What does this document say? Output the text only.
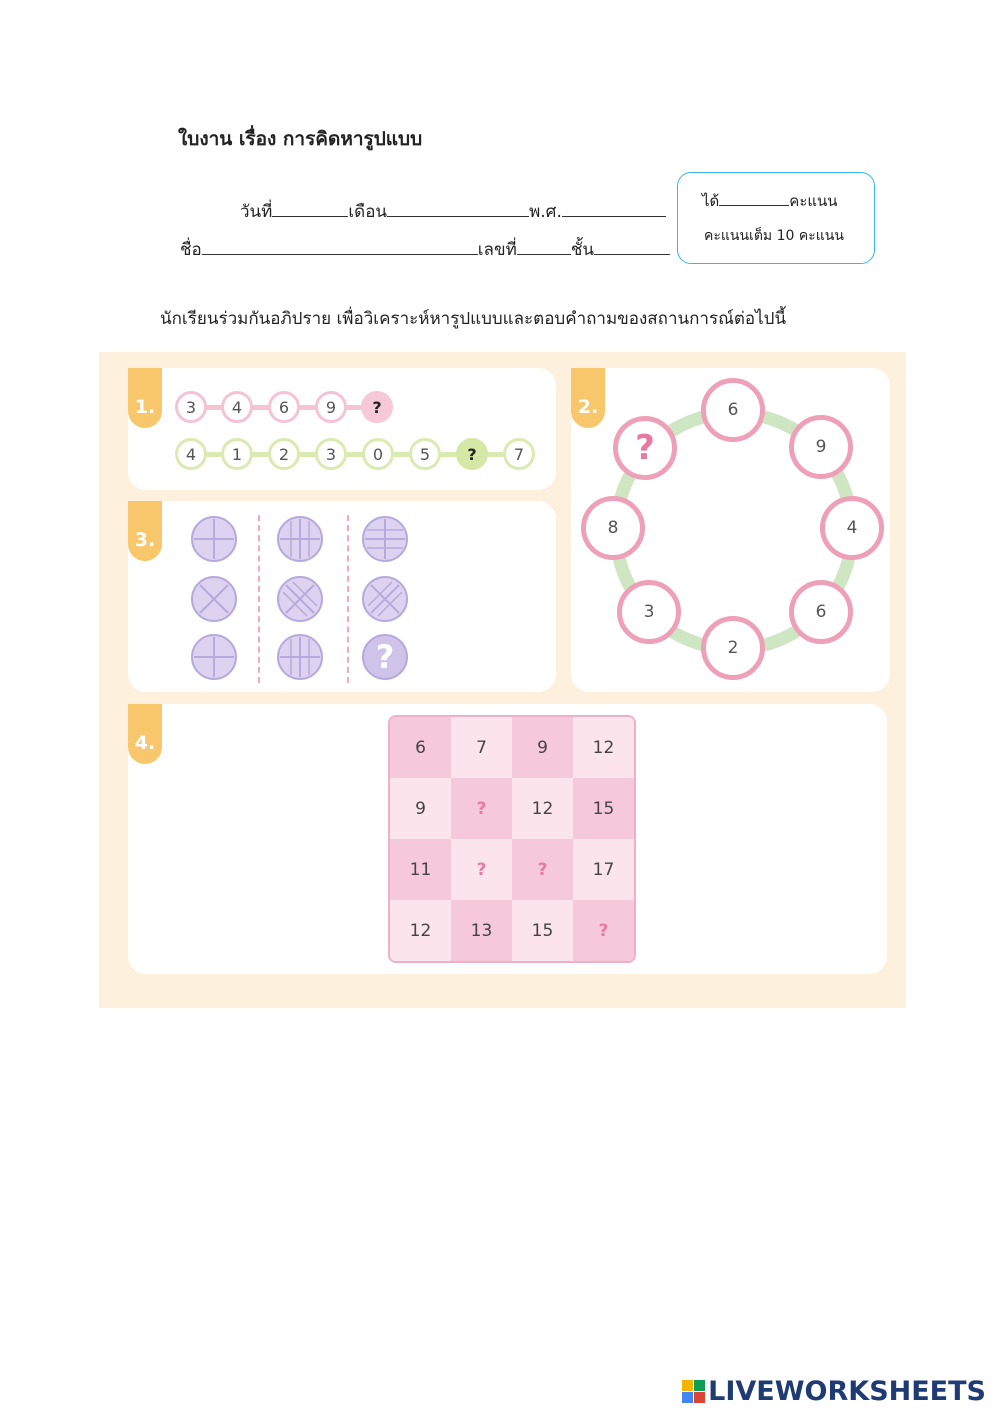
ใบงาน เรื่อง การคิดหารูปแบบ
วันที่	เดือน	พ.ศ.
ชื่อ	เลขที่	ชั้น
ได้	คะแนน
คะแนนเต็ม 10 คะแนน
นักเรียนร่วมกันอภิปราย เพื่อวิเคราะห์หารูปแบบและตอบคำถามของสถานการณ์ต่อไปนี้
1.	3	4	6	9	?
4	1	2	3	0	5	?	7
2.	6
9
4
6
2
3
8
?
3.
?
4.	6	7	9	12
9	?	12	15
11	?	?	17
12	13	15	?
LIVEWORKSHEETS
